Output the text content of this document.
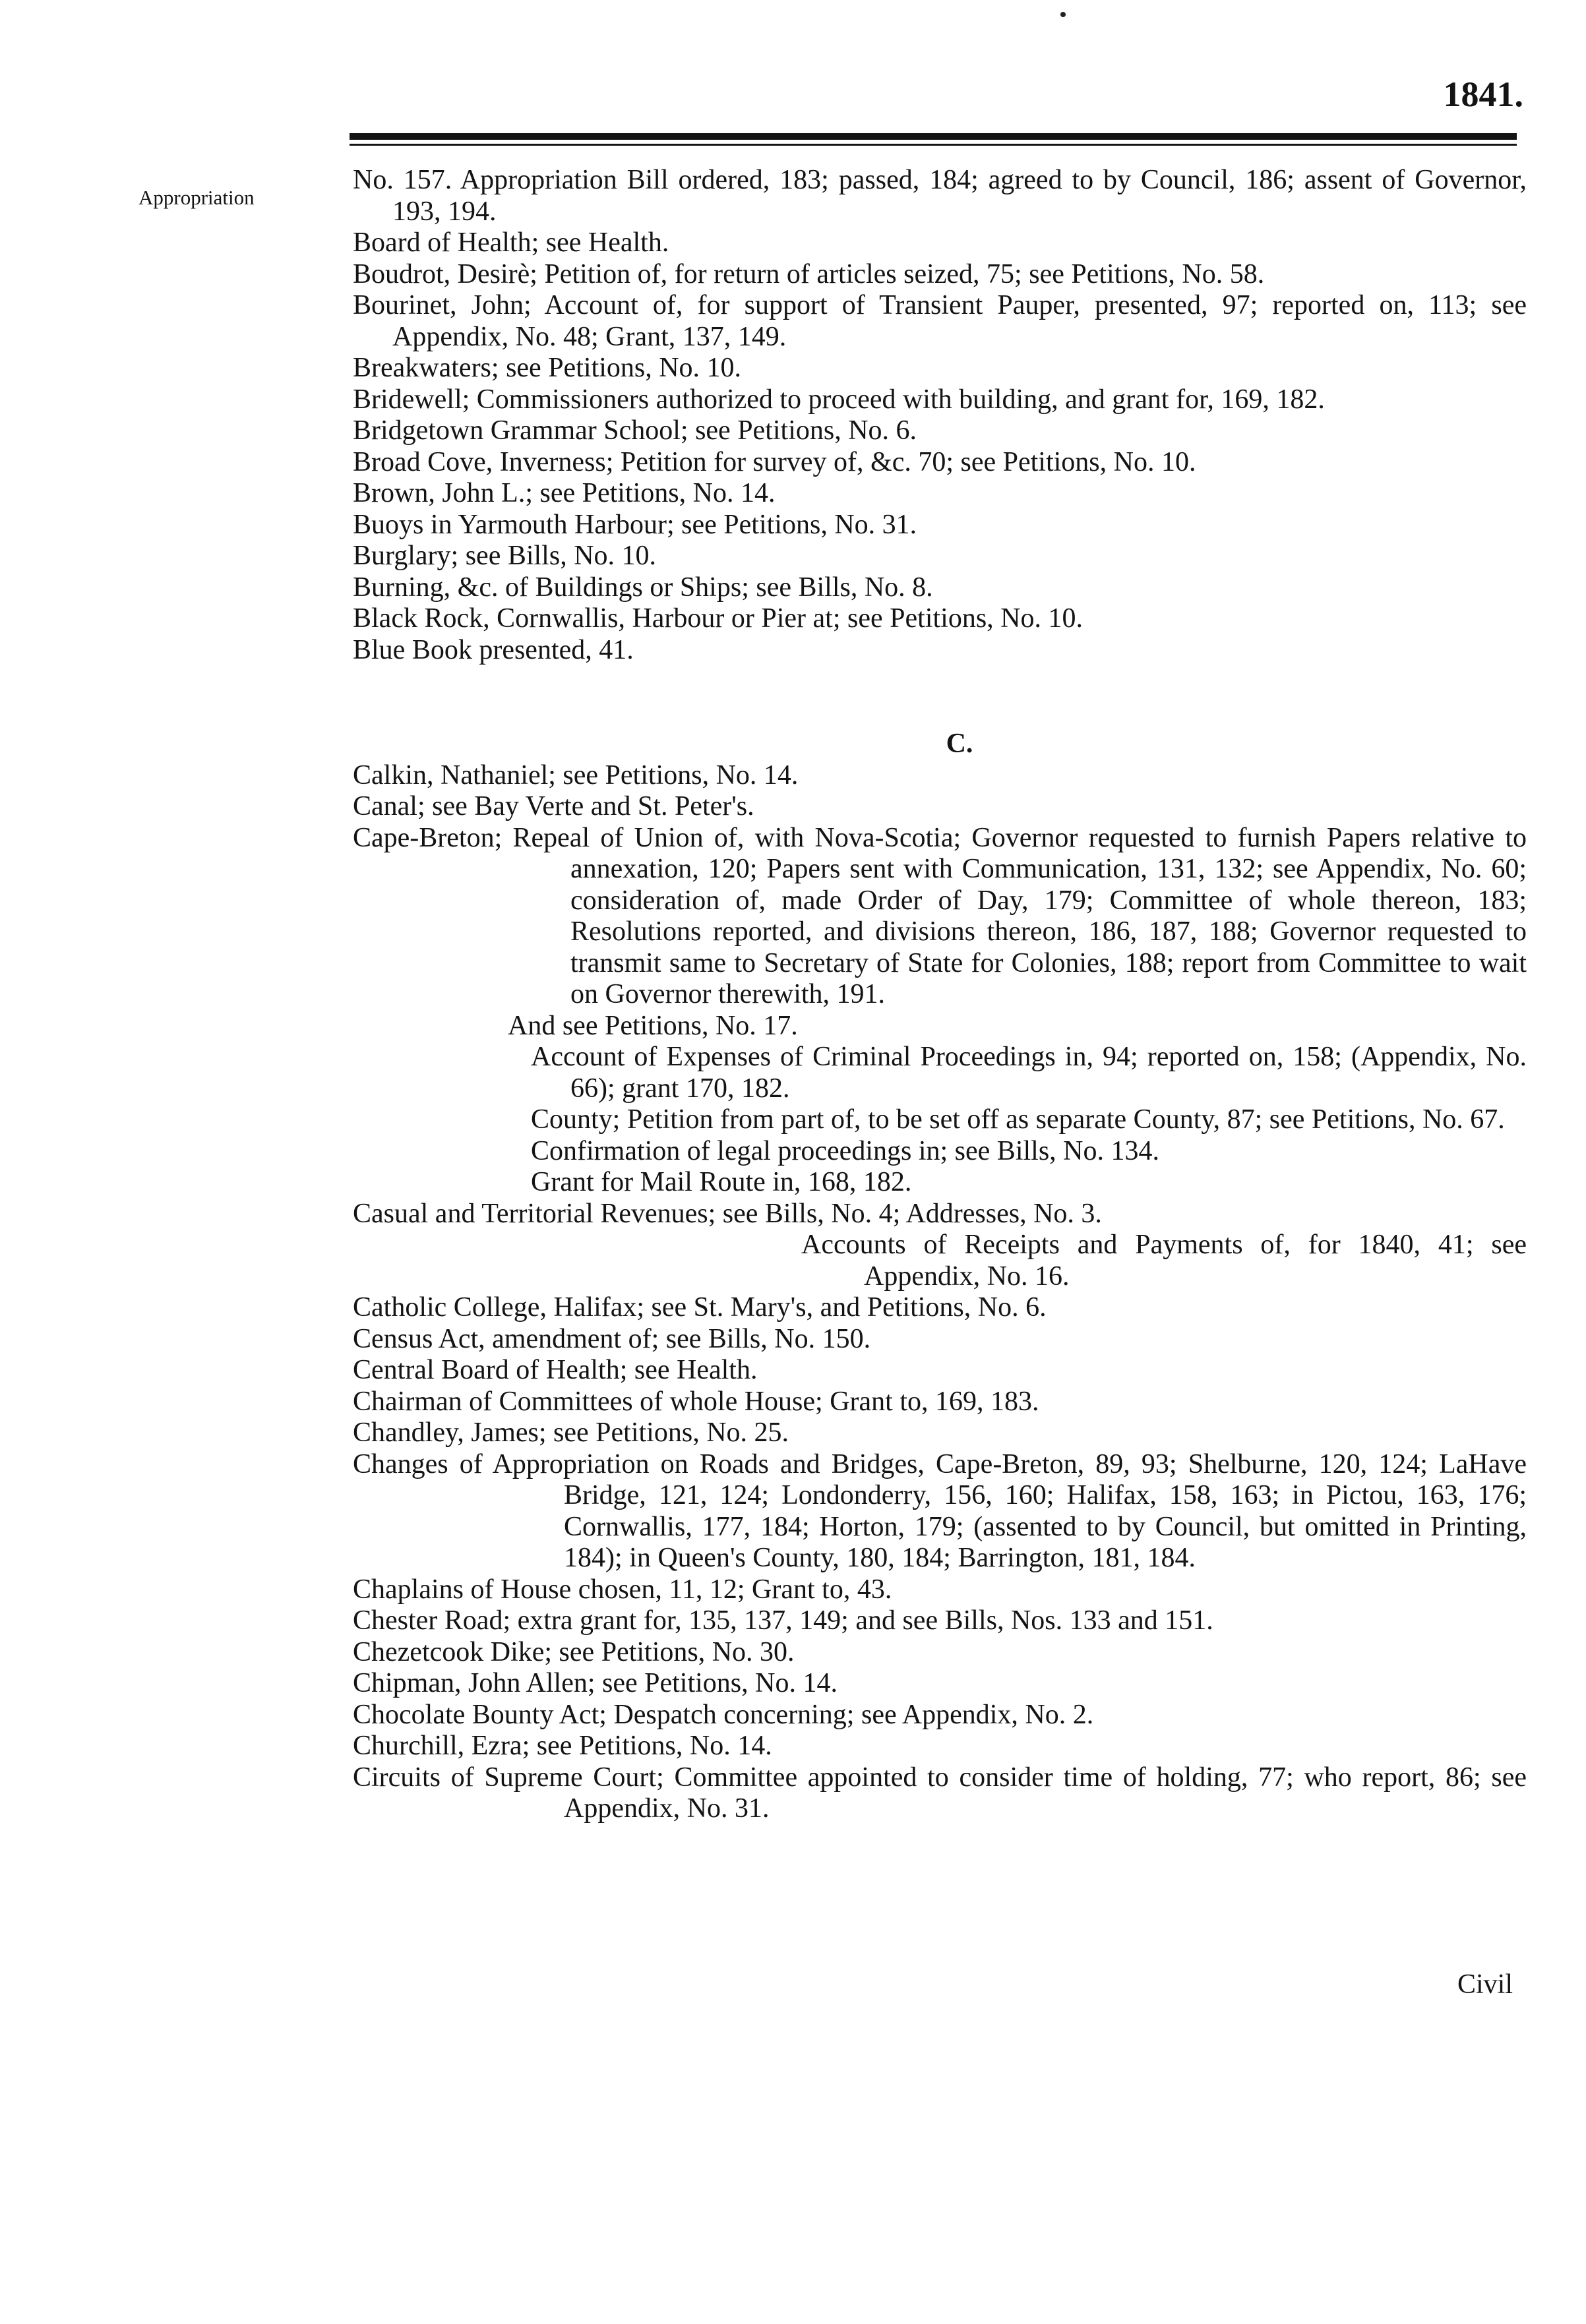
1841.
Appropriation
No. 157. Appropriation Bill ordered, 183; passed, 184; agreed to by Council, 186; assent of Governor, 193, 194.
Board of Health; see Health.
Boudrot, Desirè; Petition of, for return of articles seized, 75; see Petitions, No. 58.
Bourinet, John; Account of, for support of Transient Pauper, presented, 97; reported on, 113; see Appendix, No. 48; Grant, 137, 149.
Breakwaters; see Petitions, No. 10.
Bridewell; Commissioners authorized to proceed with building, and grant for, 169, 182.
Bridgetown Grammar School; see Petitions, No. 6.
Broad Cove, Inverness; Petition for survey of, &c. 70; see Petitions, No. 10.
Brown, John L.; see Petitions, No. 14.
Buoys in Yarmouth Harbour; see Petitions, No. 31.
Burglary; see Bills, No. 10.
Burning, &c. of Buildings or Ships; see Bills, No. 8.
Black Rock, Cornwallis, Harbour or Pier at; see Petitions, No. 10.
Blue Book presented, 41.
C.
Calkin, Nathaniel; see Petitions, No. 14.
Canal; see Bay Verte and St. Peter's.
Cape-Breton; Repeal of Union of, with Nova-Scotia; Governor requested to furnish Papers relative to annexation, 120; Papers sent with Communication, 131, 132; see Appendix, No. 60; consideration of, made Order of Day, 179; Committee of whole thereon, 183; Resolutions reported, and divisions thereon, 186, 187, 188; Governor requested to transmit same to Secretary of State for Colonies, 188; report from Committee to wait on Governor therewith, 191.
And see Petitions, No. 17.
Account of Expenses of Criminal Proceedings in, 94; reported on, 158; (Appendix, No. 66); grant 170, 182.
County; Petition from part of, to be set off as separate County, 87; see Petitions, No. 67.
Confirmation of legal proceedings in; see Bills, No. 134.
Grant for Mail Route in, 168, 182.
Casual and Territorial Revenues; see Bills, No. 4; Addresses, No. 3.
Accounts of Receipts and Payments of, for 1840, 41; see Appendix, No. 16.
Catholic College, Halifax; see St. Mary's, and Petitions, No. 6.
Census Act, amendment of; see Bills, No. 150.
Central Board of Health; see Health.
Chairman of Committees of whole House; Grant to, 169, 183.
Chandley, James; see Petitions, No. 25.
Changes of Appropriation on Roads and Bridges, Cape-Breton, 89, 93; Shelburne, 120, 124; LaHave Bridge, 121, 124; Londonderry, 156, 160; Halifax, 158, 163; in Pictou, 163, 176; Cornwallis, 177, 184; Horton, 179; (assented to by Council, but omitted in Printing, 184); in Queen's County, 180, 184; Barrington, 181, 184.
Chaplains of House chosen, 11, 12; Grant to, 43.
Chester Road; extra grant for, 135, 137, 149; and see Bills, Nos. 133 and 151.
Chezetcook Dike; see Petitions, No. 30.
Chipman, John Allen; see Petitions, No. 14.
Chocolate Bounty Act; Despatch concerning; see Appendix, No. 2.
Churchill, Ezra; see Petitions, No. 14.
Circuits of Supreme Court; Committee appointed to consider time of holding, 77; who report, 86; see Appendix, No. 31.
Civil
